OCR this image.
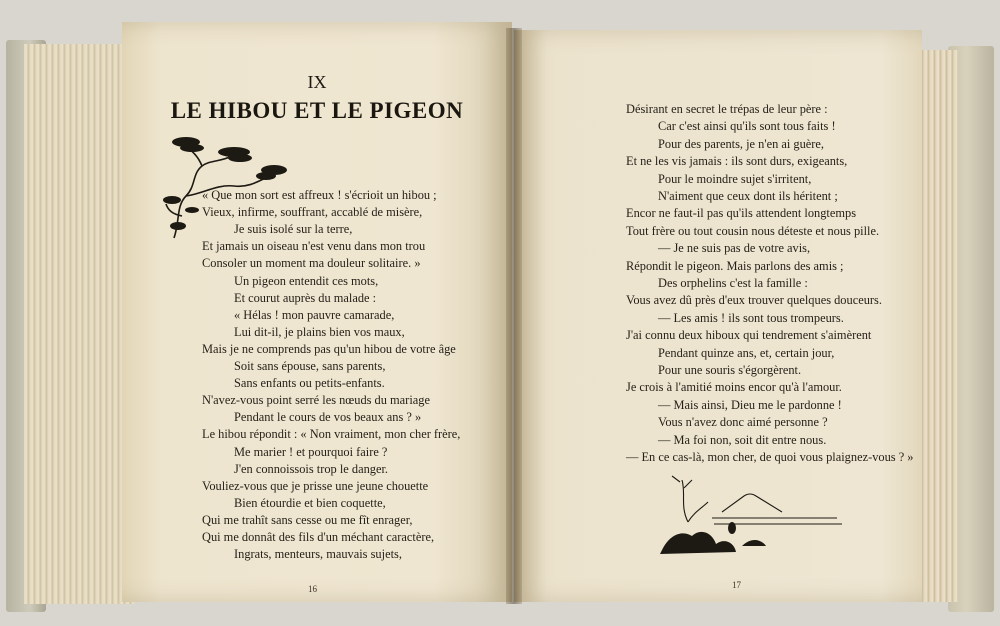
IX
LE HIBOU ET LE PIGEON
« Que mon sort est affreux ! s'écrioit un hibou ;
Vieux, infirme, souffrant, accablé de misère,
Je suis isolé sur la terre,
Et jamais un oiseau n'est venu dans mon trou
Consoler un moment ma douleur solitaire. »
Un pigeon entendit ces mots,
Et courut auprès du malade :
« Hélas ! mon pauvre camarade,
Lui dit-il, je plains bien vos maux,
Mais je ne comprends pas qu'un hibou de votre âge
Soit sans épouse, sans parents,
Sans enfants ou petits-enfants.
N'avez-vous point serré les nœuds du mariage
Pendant le cours de vos beaux ans ? »
Le hibou répondit : « Non vraiment, mon cher frère,
Me marier ! et pourquoi faire ?
J'en connoissois trop le danger.
Vouliez-vous que je prisse une jeune chouette
Bien étourdie et bien coquette,
Qui me trahît sans cesse ou me fît enrager,
Qui me donnât des fils d'un méchant caractère,
Ingrats, menteurs, mauvais sujets,
16
Désirant en secret le trépas de leur père :
Car c'est ainsi qu'ils sont tous faits !
Pour des parents, je n'en ai guère,
Et ne les vis jamais : ils sont durs, exigeants,
Pour le moindre sujet s'irritent,
N'aiment que ceux dont ils héritent ;
Encor ne faut-il pas qu'ils attendent longtemps
Tout frère ou tout cousin nous déteste et nous pille.
— Je ne suis pas de votre avis,
Répondit le pigeon. Mais parlons des amis ;
Des orphelins c'est la famille :
Vous avez dû près d'eux trouver quelques douceurs.
— Les amis ! ils sont tous trompeurs.
J'ai connu deux hiboux qui tendrement s'aimèrent
Pendant quinze ans, et, certain jour,
Pour une souris s'égorgèrent.
Je crois à l'amitié moins encor qu'à l'amour.
— Mais ainsi, Dieu me le pardonne !
Vous n'avez donc aimé personne ?
— Ma foi non, soit dit entre nous.
— En ce cas-là, mon cher, de quoi vous plaignez-vous ? »
17
